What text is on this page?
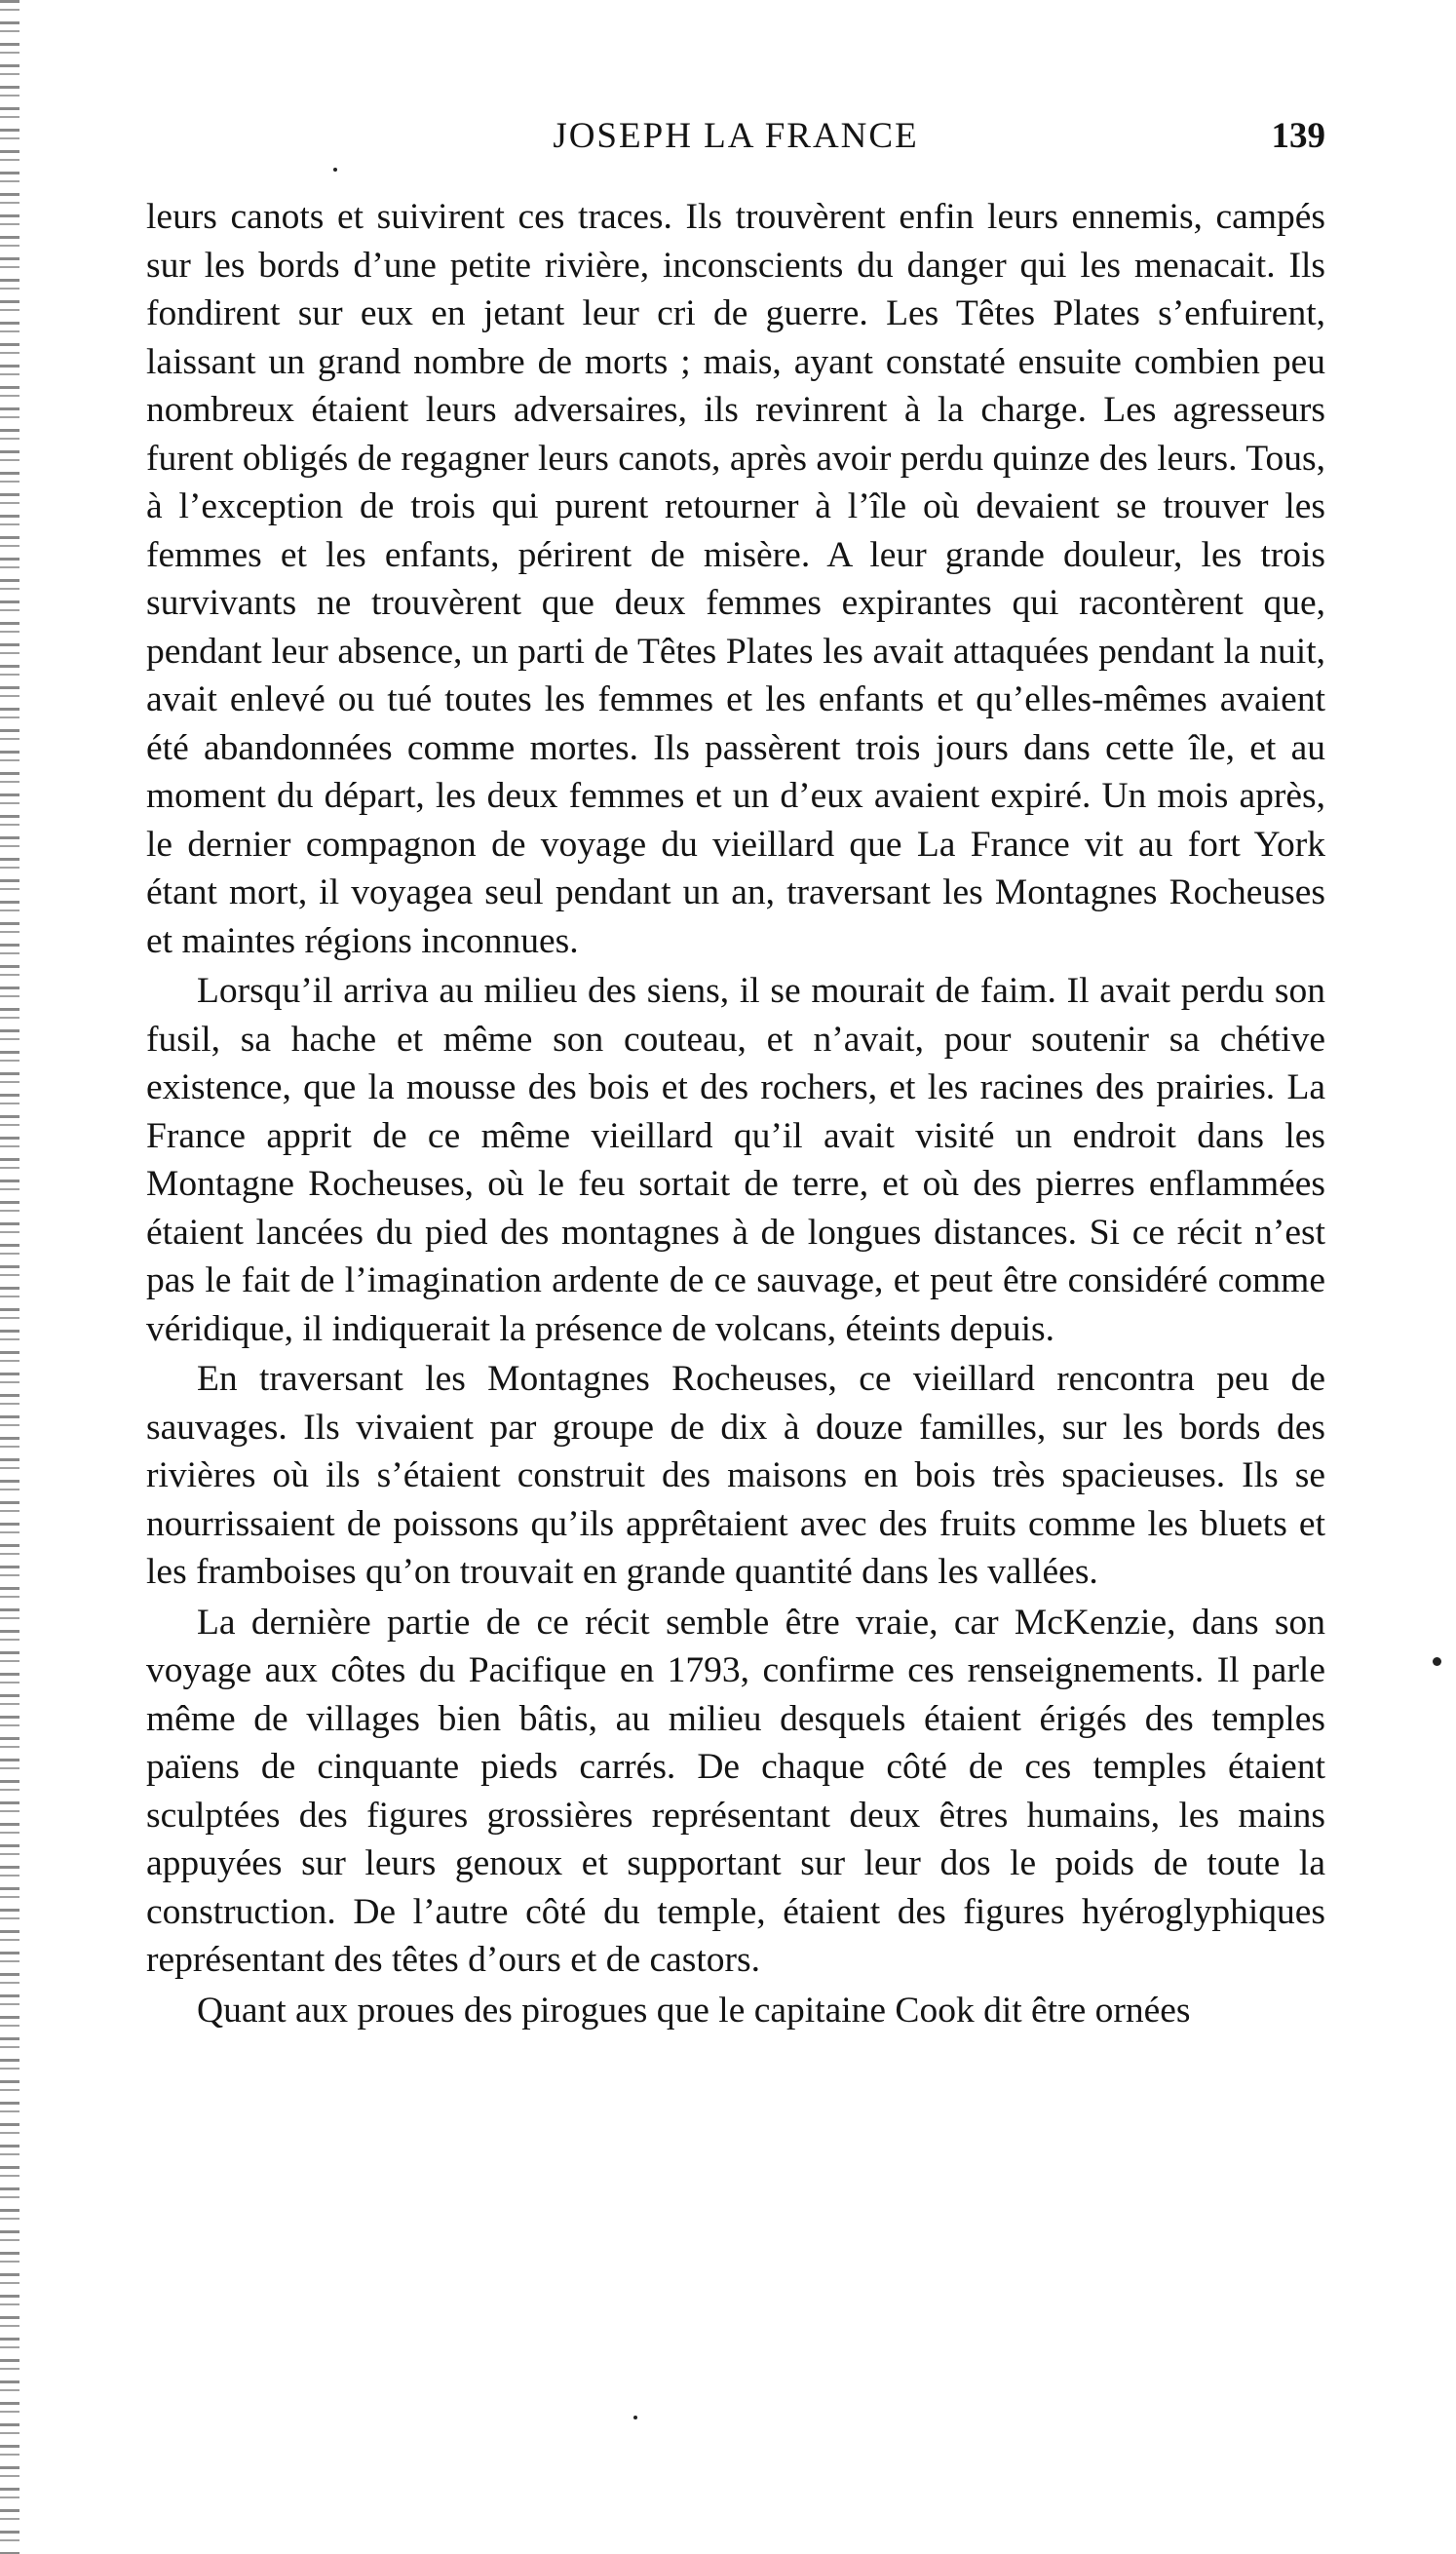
JOSEPH LA FRANCE	139

leurs canots et suivirent ces traces. Ils trouvèrent enfin leurs ennemis, campés sur les bords d’une petite rivière, inconscients du danger qui les menacait. Ils fondirent sur eux en jetant leur cri de guerre. Les Têtes Plates s’enfuirent, laissant un grand nombre de morts ; mais, ayant constaté ensuite combien peu nombreux étaient leurs adversaires, ils revinrent à la charge. Les agresseurs furent obligés de regagner leurs canots, après avoir perdu quinze des leurs. Tous, à l’exception de trois qui purent retourner à l’île où devaient se trouver les femmes et les enfants, périrent de misère. A leur grande douleur, les trois survivants ne trouvèrent que deux femmes expirantes qui racontèrent que, pendant leur absence, un parti de Têtes Plates les avait attaquées pendant la nuit, avait enlevé ou tué toutes les femmes et les enfants et qu’elles-mêmes avaient été abandonnées comme mortes. Ils passèrent trois jours dans cette île, et au moment du départ, les deux femmes et un d’eux avaient expiré. Un mois après, le dernier compagnon de voyage du vieillard que La France vit au fort York étant mort, il voyagea seul pendant un an, traversant les Montagnes Rocheuses et maintes régions inconnues.

Lorsqu’il arriva au milieu des siens, il se mourait de faim. Il avait perdu son fusil, sa hache et même son couteau, et n’avait, pour soutenir sa chétive existence, que la mousse des bois et des rochers, et les racines des prairies. La France apprit de ce même vieillard qu’il avait visité un endroit dans les Montagne Rocheuses, où le feu sortait de terre, et où des pierres enflammées étaient lancées du pied des montagnes à de longues distances. Si ce récit n’est pas le fait de l’imagination ardente de ce sauvage, et peut être considéré comme véridique, il indiquerait la présence de volcans, éteints depuis.

En traversant les Montagnes Rocheuses, ce vieillard rencontra peu de sauvages. Ils vivaient par groupe de dix à douze familles, sur les bords des rivières où ils s’étaient construit des maisons en bois très spacieuses. Ils se nourrissaient de poissons qu’ils apprêtaient avec des fruits comme les bluets et les framboises qu’on trouvait en grande quantité dans les vallées.

La dernière partie de ce récit semble être vraie, car McKenzie, dans son voyage aux côtes du Pacifique en 1793, confirme ces renseignements. Il parle même de villages bien bâtis, au milieu desquels étaient érigés des temples païens de cinquante pieds carrés. De chaque côté de ces temples étaient sculptées des figures grossières représentant deux êtres humains, les mains appuyées sur leurs genoux et supportant sur leur dos le poids de toute la construction. De l’autre côté du temple, étaient des figures hyéroglyphiques représentant des têtes d’ours et de castors.

Quant aux proues des pirogues que le capitaine Cook dit être ornées
